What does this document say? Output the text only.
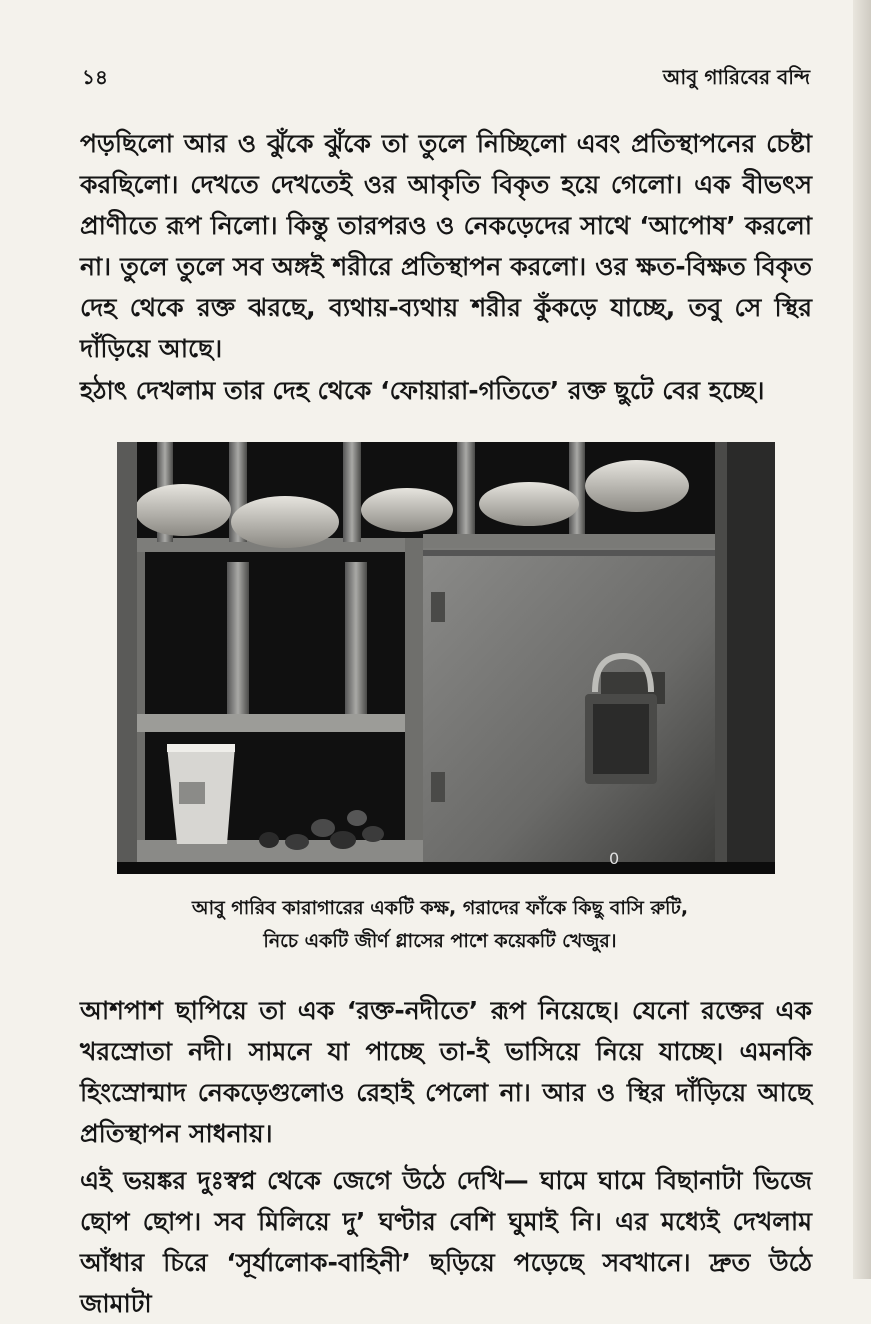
১৪	আবু গারিবের বন্দি

পড়ছিলো আর ও ঝুঁকে ঝুঁকে তা তুলে নিচ্ছিলো এবং প্রতিস্থাপনের চেষ্টা করছিলো। দেখতে দেখতেই ওর আকৃতি বিকৃত হয়ে গেলো। এক বীভৎস প্রাণীতে রূপ নিলো। কিন্তু তারপরও ও নেকড়েদের সাথে ‘আপোষ’ করলো না। তুলে তুলে সব অঙ্গই শরীরে প্রতিস্থাপন করলো। ওর ক্ষত-বিক্ষত বিকৃত দেহ থেকে রক্ত ঝরছে, ব্যথায়-ব্যথায় শরীর কুঁকড়ে যাচ্ছে, তবু সে স্থির দাঁড়িয়ে আছে।

হঠাৎ দেখলাম তার দেহ থেকে ‘ফোয়ারা-গতিতে’ রক্ত ছুটে বের হচ্ছে।

0
আবু গারিব কারাগারের একটি কক্ষ, গরাদের ফাঁকে কিছু বাসি রুটি,
নিচে একটি জীর্ণ গ্লাসের পাশে কয়েকটি খেজুর।

আশপাশ ছাপিয়ে তা এক ‘রক্ত-নদীতে’ রূপ নিয়েছে। যেনো রক্তের এক খরস্রোতা নদী। সামনে যা পাচ্ছে তা-ই ভাসিয়ে নিয়ে যাচ্ছে। এমনকি হিংস্রোন্মাদ নেকড়েগুলোও রেহাই পেলো না। আর ও স্থির দাঁড়িয়ে আছে প্রতিস্থাপন সাধনায়।

এই ভয়ঙ্কর দুঃস্বপ্ন থেকে জেগে উঠে দেখি— ঘামে ঘামে বিছানাটা ভিজে ছোপ ছোপ। সব মিলিয়ে দু’ ঘণ্টার বেশি ঘুমাই নি। এর মধ্যেই দেখলাম আঁধার চিরে ‘সূর্যালোক-বাহিনী’ ছড়িয়ে পড়েছে সবখানে। দ্রুত উঠে জামাটা
